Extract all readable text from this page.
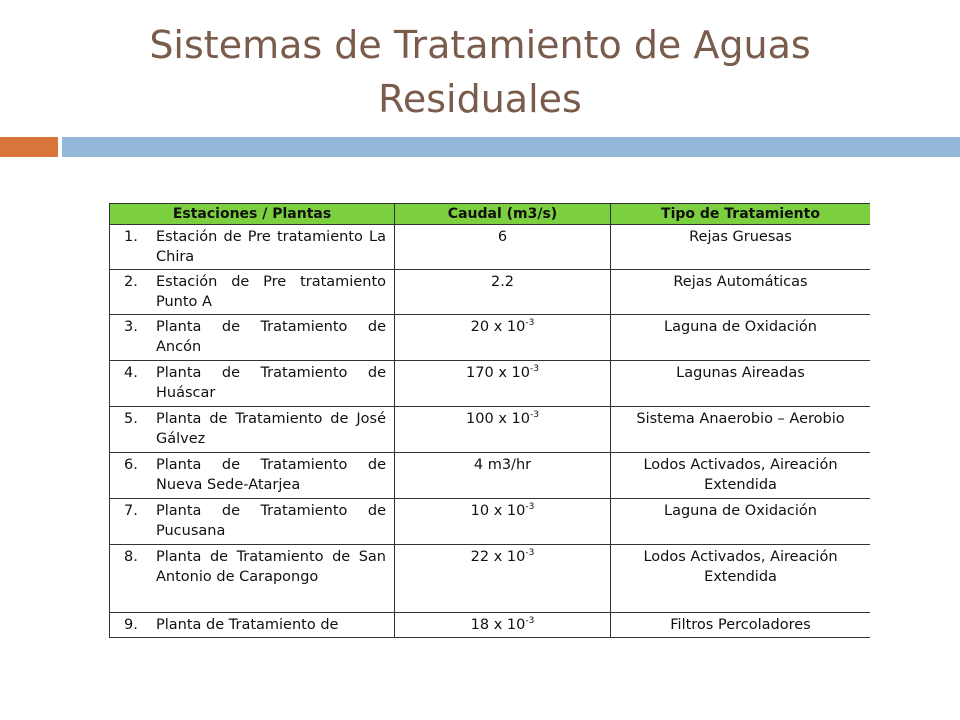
Sistemas de Tratamiento de Aguas
Residuales
Estaciones / Plantas	Caudal (m3/s)	Tipo de Tratamiento

1. Estación de Pre tratamiento La Chira	6	Rejas Gruesas

2. Estación de Pre tratamiento Punto A	2.2	Rejas Automáticas

3. Planta de Tratamiento de Ancón	20 x $10^{-3}$	Laguna de Oxidación

4. Planta de Tratamiento de Huáscar	170 x $10^{-3}$	Lagunas Aireadas

5. Planta de Tratamiento de José Gálvez	100 x $10^{-3}$	Sistema Anaerobio – Aerobio

6. Planta de Tratamiento de Nueva Sede-Atarjea	4 m3/hr	Lodos Activados, Aireación Extendida

7. Planta de Tratamiento de Pucusana	10 x $10^{-3}$	Laguna de Oxidación

8. Planta de Tratamiento de San Antonio de Carapongo	22 x $10^{-3}$	Lodos Activados, Aireación Extendida

9. Planta de Tratamiento de	18 x $10^{-3}$	Filtros Percoladores
